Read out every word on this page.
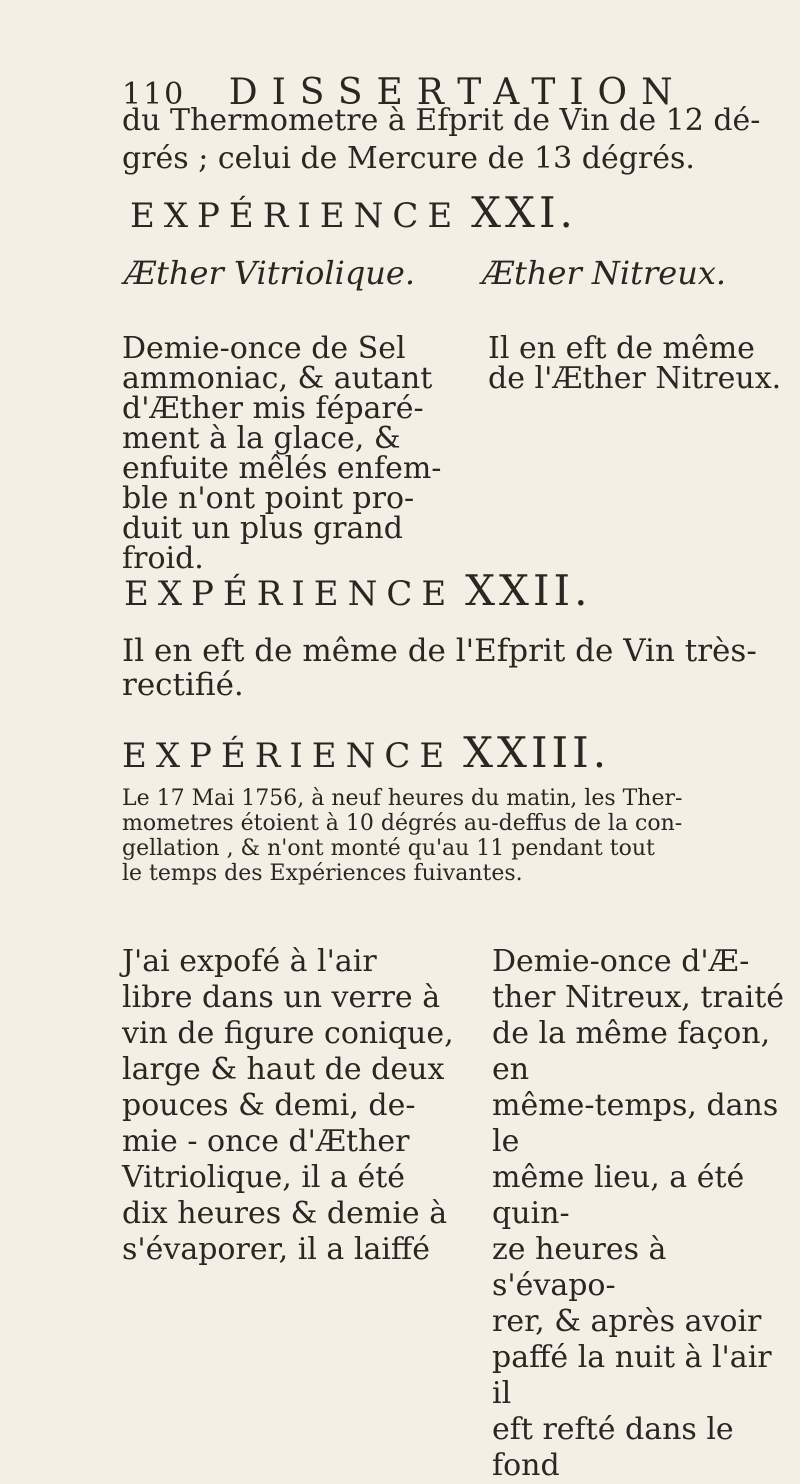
110 DISSERTATION
du Thermometre à Efprit de Vin de 12 dé-
grés ; celui de Mercure de 13 dégrés.
EXPÉRIENCE XXI.
Æther Vitriolique. Æther Nitreux.

Demie-once de Sel

ammoniac, & autant

d'Æther mis féparé-

ment à la glace, &

enfuite mêlés enfem-

ble n'ont point pro-

duit un plus grand

froid.

Il en eft de même

de l'Æther Nitreux.

EXPÉRIENCE XXII.
Il en eft de même de l'Efprit de Vin très-
rectifié.
EXPÉRIENCE XXIII.
Le 17 Mai 1756, à neuf heures du matin, les Ther-
mometres étoient à 10 dégrés au-deffus de la con-
gellation , & n'ont monté qu'au 11 pendant tout
le temps des Expériences fuivantes.

J'ai expofé à l'air

libre dans un verre à

vin de figure conique,

large & haut de deux

pouces & demi, de-

mie - once d'Æther

Vitriolique, il a été

dix heures & demie à

s'évaporer, il a laiffé

Demie-once d'Æ-

ther Nitreux, traité

de la même façon, en

même-temps, dans le

même lieu, a été quin-

ze heures à s'évapo-

rer, & après avoir

paffé la nuit à l'air il

eft refté dans le fond
